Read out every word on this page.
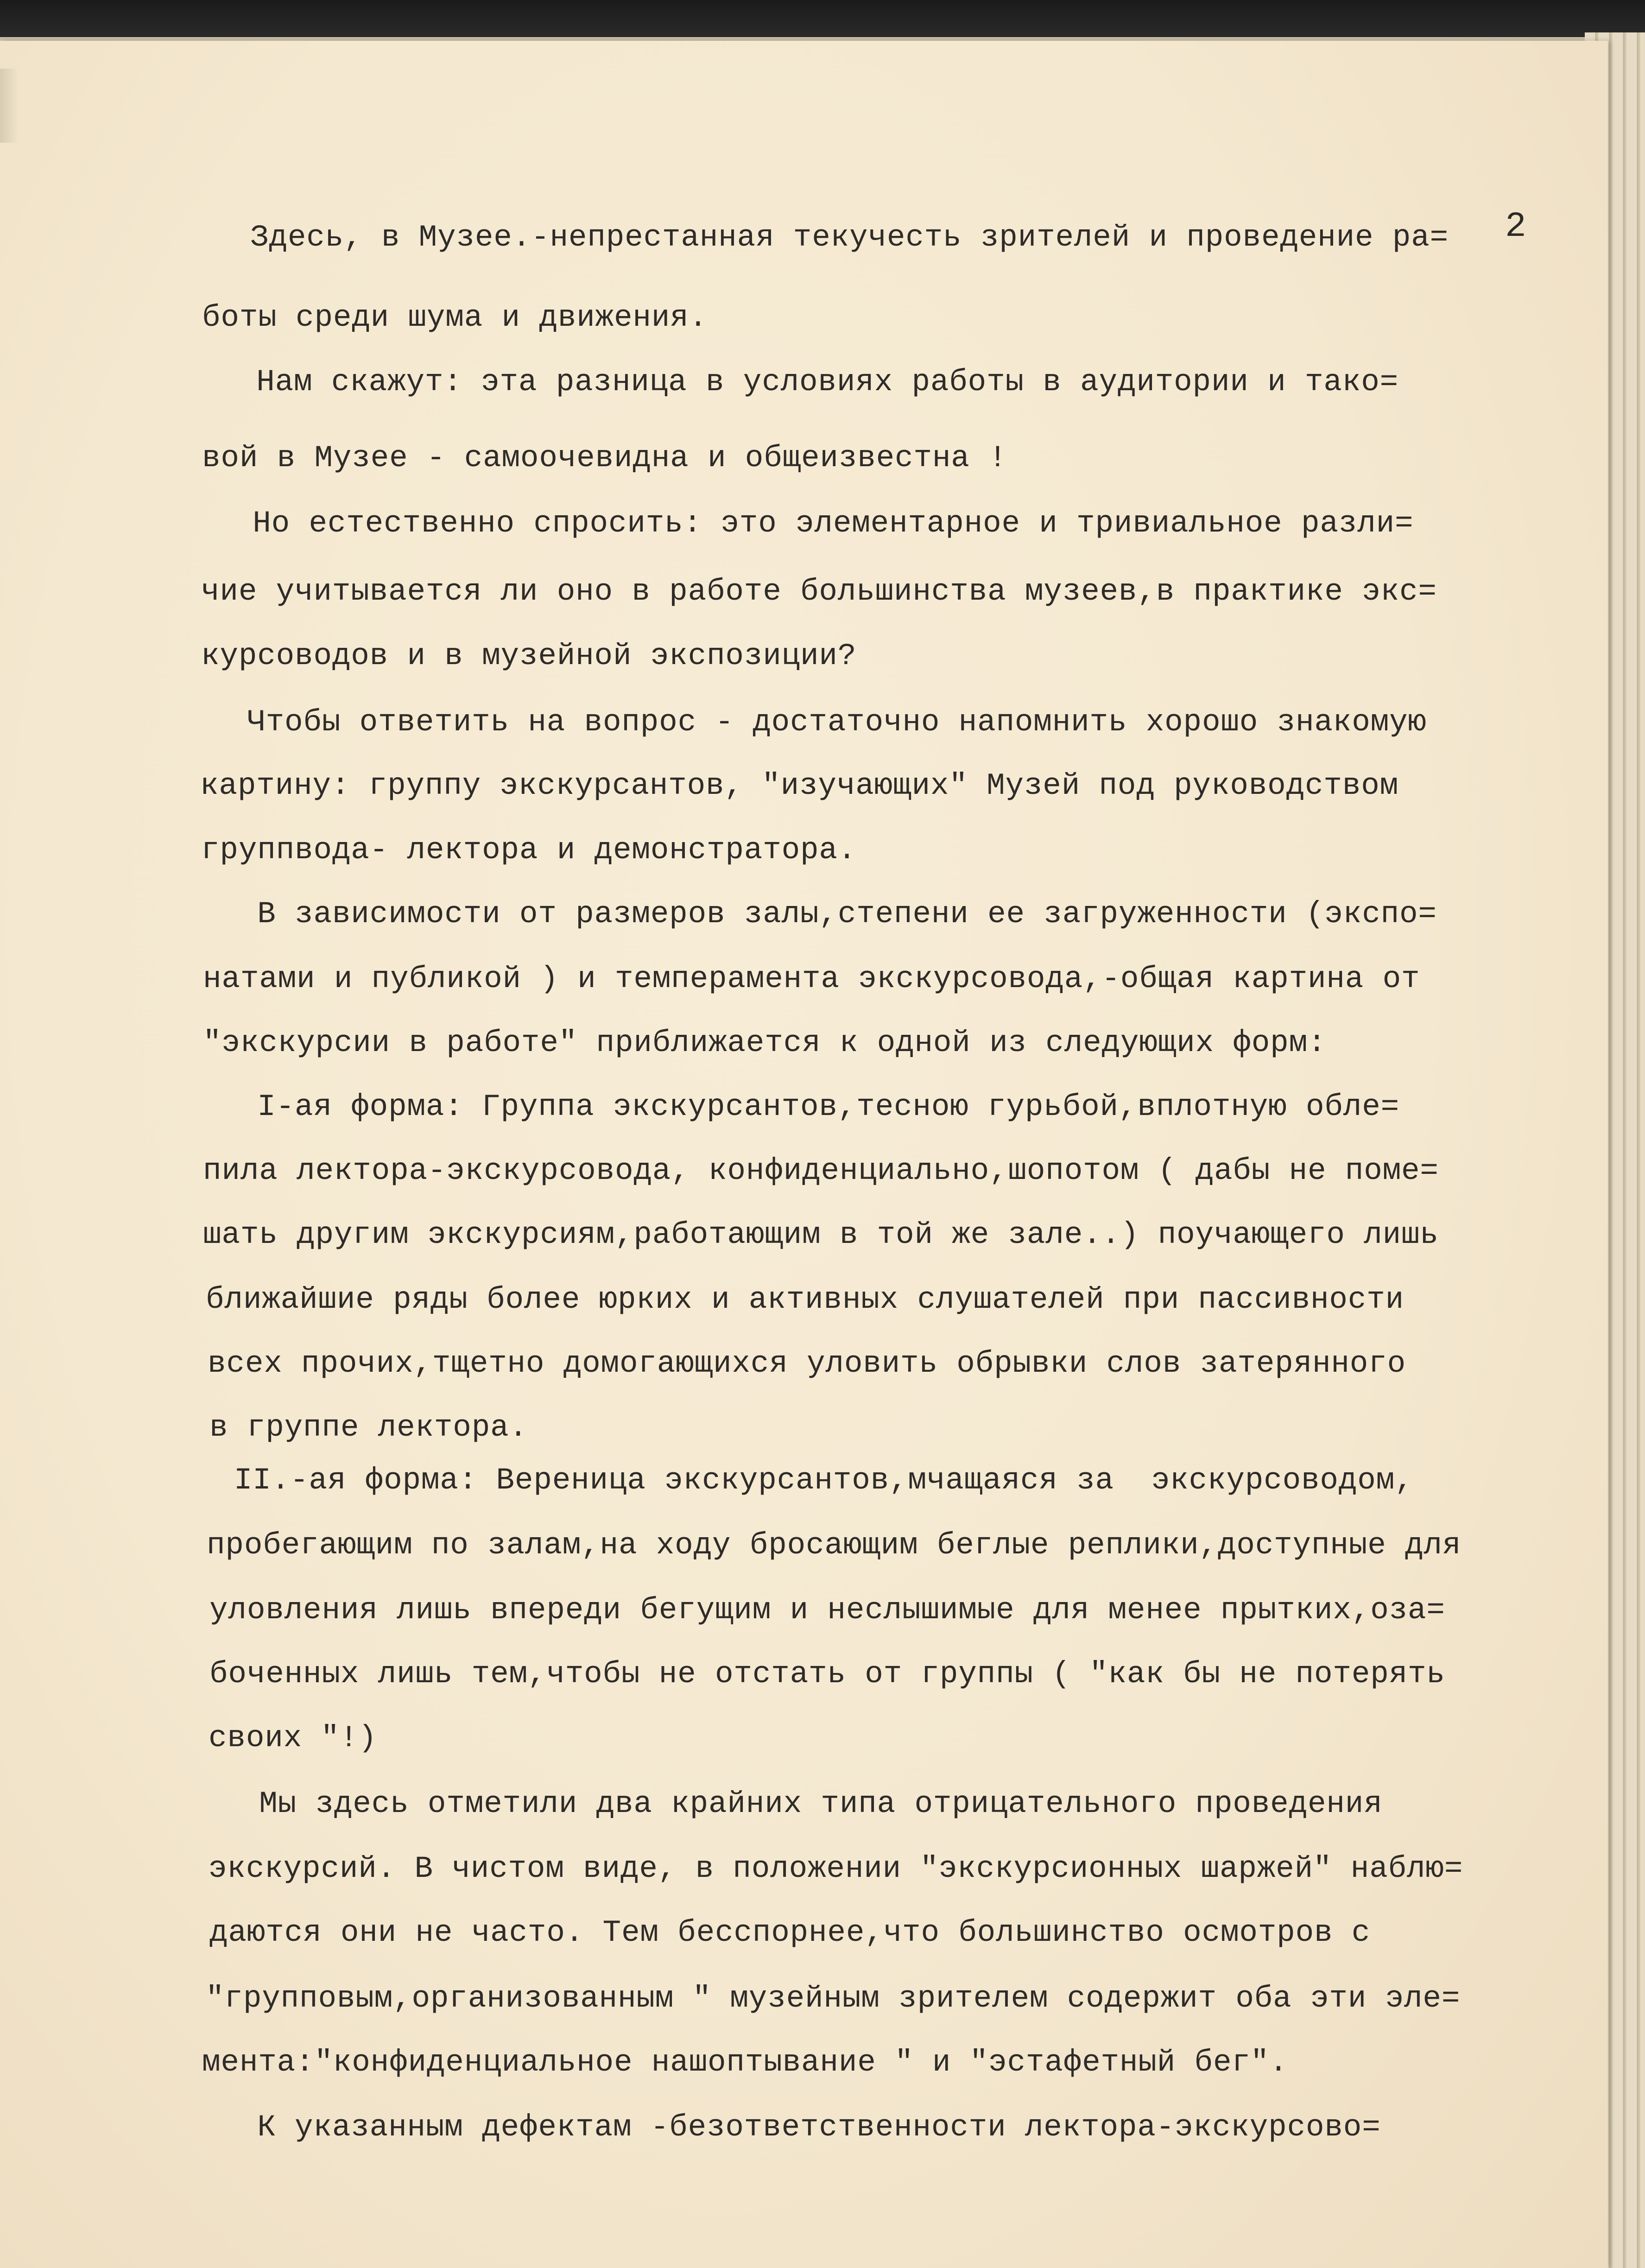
2
Здесь, в Музее.-непрестанная текучесть зрителей и проведение ра=
боты среди шума и движения.
Нам скажут: эта разница в условиях работы в аудитории и тако=
вой в Музее - самоочевидна и общеизвестна !
Но естественно спросить: это элементарное и тривиальное разли=
чие учитывается ли оно в работе большинства музеев,в практике экс=
курсоводов и в музейной экспозиции?
Чтобы ответить на вопрос - достаточно напомнить хорошо знакомую
картину: группу экскурсантов, "изучающих" Музей под руководством
группвода- лектора и демонстратора.
В зависимости от размеров залы,степени ее загруженности (экспо=
натами и публикой ) и темперамента экскурсовода,-общая картина от
"экскурсии в работе" приближается к одной из следующих форм:
I-ая форма: Группа экскурсантов,тесною гурьбой,вплотную обле=
пила лектора-экскурсовода, конфиденциально,шопотом ( дабы не поме=
шать другим экскурсиям,работающим в той же зале..) поучающего лишь
ближайшие ряды более юрких и активных слушателей при пассивности
всех прочих,тщетно домогающихся уловить обрывки слов затерянного
в группе лектора.
II.-ая форма: Вереница экскурсантов,мчащаяся за  экскурсоводом,
пробегающим по залам,на ходу бросающим беглые реплики,доступные для
уловления лишь впереди бегущим и неслышимые для менее прытких,оза=
боченных лишь тем,чтобы не отстать от группы ( "как бы не потерять
своих "!)
Мы здесь отметили два крайних типа отрицательного проведения
экскурсий. В чистом виде, в положении "экскурсионных шаржей" наблю=
даются они не часто. Тем бесспорнее,что большинство осмотров с
"групповым,организованным " музейным зрителем содержит оба эти эле=
мента:"конфиденциальное нашоптывание " и "эстафетный бег".
К указанным дефектам -безответственности лектора-экскурсово=
